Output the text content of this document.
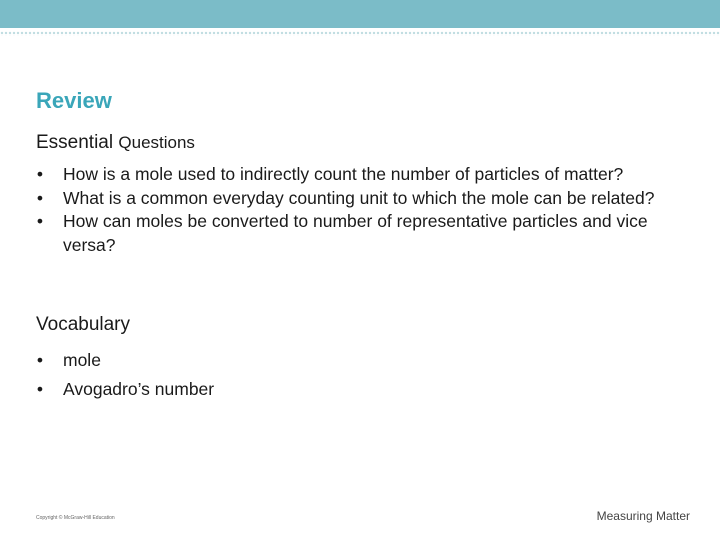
Review
Essential Questions
•	How is a mole used to indirectly count the number of particles of matter?
•	What is a common everyday counting unit to which the mole can be related?
•	How can moles be converted to number of representative particles and vice versa?
Vocabulary
•	mole
•	Avogadro’s number
Copyright © McGraw-Hill Education	Measuring Matter
